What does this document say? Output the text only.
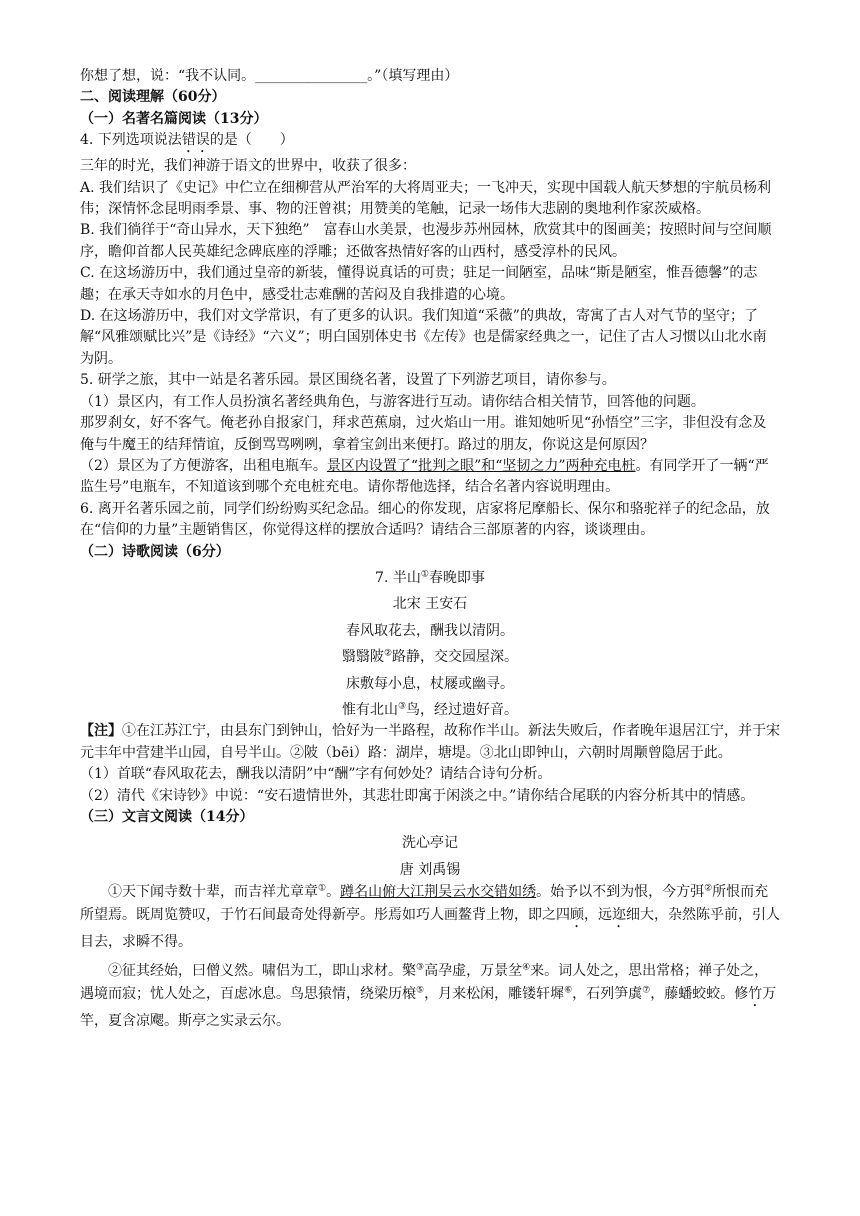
你想了想，说：“我不认同。________________。”（填写理由）
二、阅读理解（60分）
（一）名著名篇阅读（13分）
4. 下列选项说法错误的是（　　）
三年的时光，我们神游于语文的世界中，收获了很多：
A. 我们结识了《史记》中伫立在细柳营从严治军的大将周亚夫；一飞冲天，实现中国载人航天梦想的宇航员杨利伟；深情怀念昆明雨季景、事、物的汪曾祺；用赞美的笔触，记录一场伟大悲剧的奥地利作家茨威格。
B. 我们徜徉于“奇山异水，天下独绝”　富春山水美景，也漫步苏州园林，欣赏其中的图画美；按照时间与空间顺序，瞻仰首都人民英雄纪念碑底座的浮雕；还做客热情好客的山西村，感受淳朴的民风。
C. 在这场游历中，我们通过皇帝的新装，懂得说真话的可贵；驻足一间陋室，品味“斯是陋室，惟吾德馨”的志趣；在承天寺如水的月色中，感受壮志难酬的苦闷及自我排遣的心境。
D. 在这场游历中，我们对文学常识，有了更多的认识。我们知道“采薇”的典故，寄寓了古人对气节的坚守；了解“风雅颂赋比兴”是《诗经》“六义”；明白国别体史书《左传》也是儒家经典之一，记住了古人习惯以山北水南为阴。
5. 研学之旅，其中一站是名著乐园。景区围绕名著，设置了下列游艺项目，请你参与。
（1）景区内，有工作人员扮演名著经典角色，与游客进行互动。请你结合相关情节，回答他的问题。
那罗刹女，好不客气。俺老孙自报家门，拜求芭蕉扇，过火焰山一用。谁知她听见“孙悟空”三字，非但没有念及俺与牛魔王的结拜情谊，反倒骂骂咧咧，拿着宝剑出来便打。路过的朋友，你说这是何原因？
（2）景区为了方便游客，出租电瓶车。景区内设置了“批判之眼”和“坚韧之力”两种充电桩。有同学开了一辆“严监生号”电瓶车，不知道该到哪个充电桩充电。请你帮他选择，结合名著内容说明理由。
6. 离开名著乐园之前，同学们纷纷购买纪念品。细心的你发现，店家将尼摩船长、保尔和骆驼祥子的纪念品，放在“信仰的力量”主题销售区，你觉得这样的摆放合适吗？请结合三部原著的内容，谈谈理由。
（二）诗歌阅读（6分）
7. 半山①春晚即事
北宋 王安石
春风取花去，酬我以清阴。
翳翳陂②路静，交交园屋深。
床敷每小息，杖屦或幽寻。
惟有北山③鸟，经过遗好音。
【注】①在江苏江宁，由县东门到钟山，恰好为一半路程，故称作半山。新法失败后，作者晚年退居江宁，并于宋元丰年中营建半山园，自号半山。②陂（bēi）路：湖岸，塘堤。③北山即钟山，六朝时周颙曾隐居于此。
（1）首联“春风取花去，酬我以清阴”中“酬”字有何妙处？请结合诗句分析。
（2）清代《宋诗钞》中说：“安石遗情世外，其悲壮即寓于闲淡之中。”请你结合尾联的内容分析其中的情感。
（三）文言文阅读（14分）
洗心亭记
唐 刘禹锡
①天下闻寺数十辈，而吉祥尤章章①。蹲名山俯大江荆吴云水交错如绣。始予以不到为恨，今方弭②所恨而充所望焉。既周览赞叹，于竹石间最奇处得新亭。彤焉如巧人画鳌背上物，即之四顾，远迩细大，杂然陈乎前，引人目去，求瞬不得。
②征其经始，曰僧义然。啸侣为工，即山求材。檠③高孕虚，万景坌④来。词人处之，思出常格；禅子处之，遇境而寂；忧人处之，百虑冰息。鸟思猿情，绕梁历榱⑤，月来松闲，雕镂轩墀⑥，石列笋虡⑦，藤蟠蛟蛟。修竹万竿，夏含凉飔。斯亭之实录云尔。
